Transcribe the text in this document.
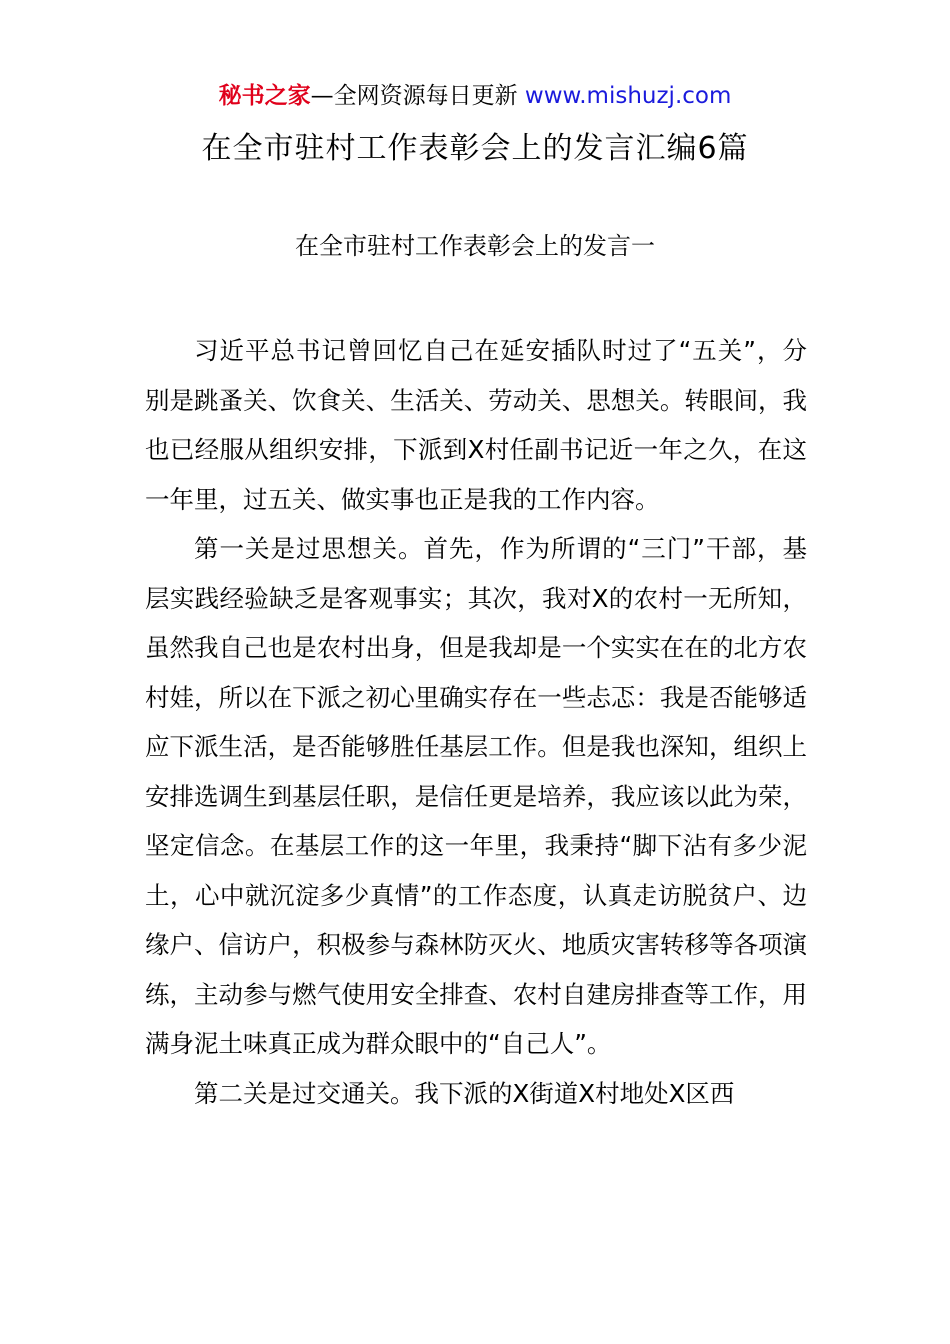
秘书之家—全网资源每日更新 www.mishuzj.com
在全市驻村工作表彰会上的发言汇编6篇
在全市驻村工作表彰会上的发言一

习近平总书记曾回忆自己在延安插队时过了“五关”，分别是跳蚤关、饮食关、生活关、劳动关、思想关。转眼间，我也已经服从组织安排，下派到X村任副书记近一年之久，在这一年里，过五关、做实事也正是我的工作内容。

第一关是过思想关。首先，作为所谓的“三门”干部，基层实践经验缺乏是客观事实；其次，我对X的农村一无所知，虽然我自己也是农村出身，但是我却是一个实实在在的北方农村娃，所以在下派之初心里确实存在一些忐忑：我是否能够适应下派生活，是否能够胜任基层工作。但是我也深知，组织上安排选调生到基层任职，是信任更是培养，我应该以此为荣，坚定信念。在基层工作的这一年里，我秉持“脚下沾有多少泥土，心中就沉淀多少真情”的工作态度，认真走访脱贫户、边缘户、信访户，积极参与森林防灭火、地质灾害转移等各项演练，主动参与燃气使用安全排查、农村自建房排查等工作，用满身泥土味真正成为群众眼中的“自己人”。

第二关是过交通关。我下派的X街道X村地处X区西
